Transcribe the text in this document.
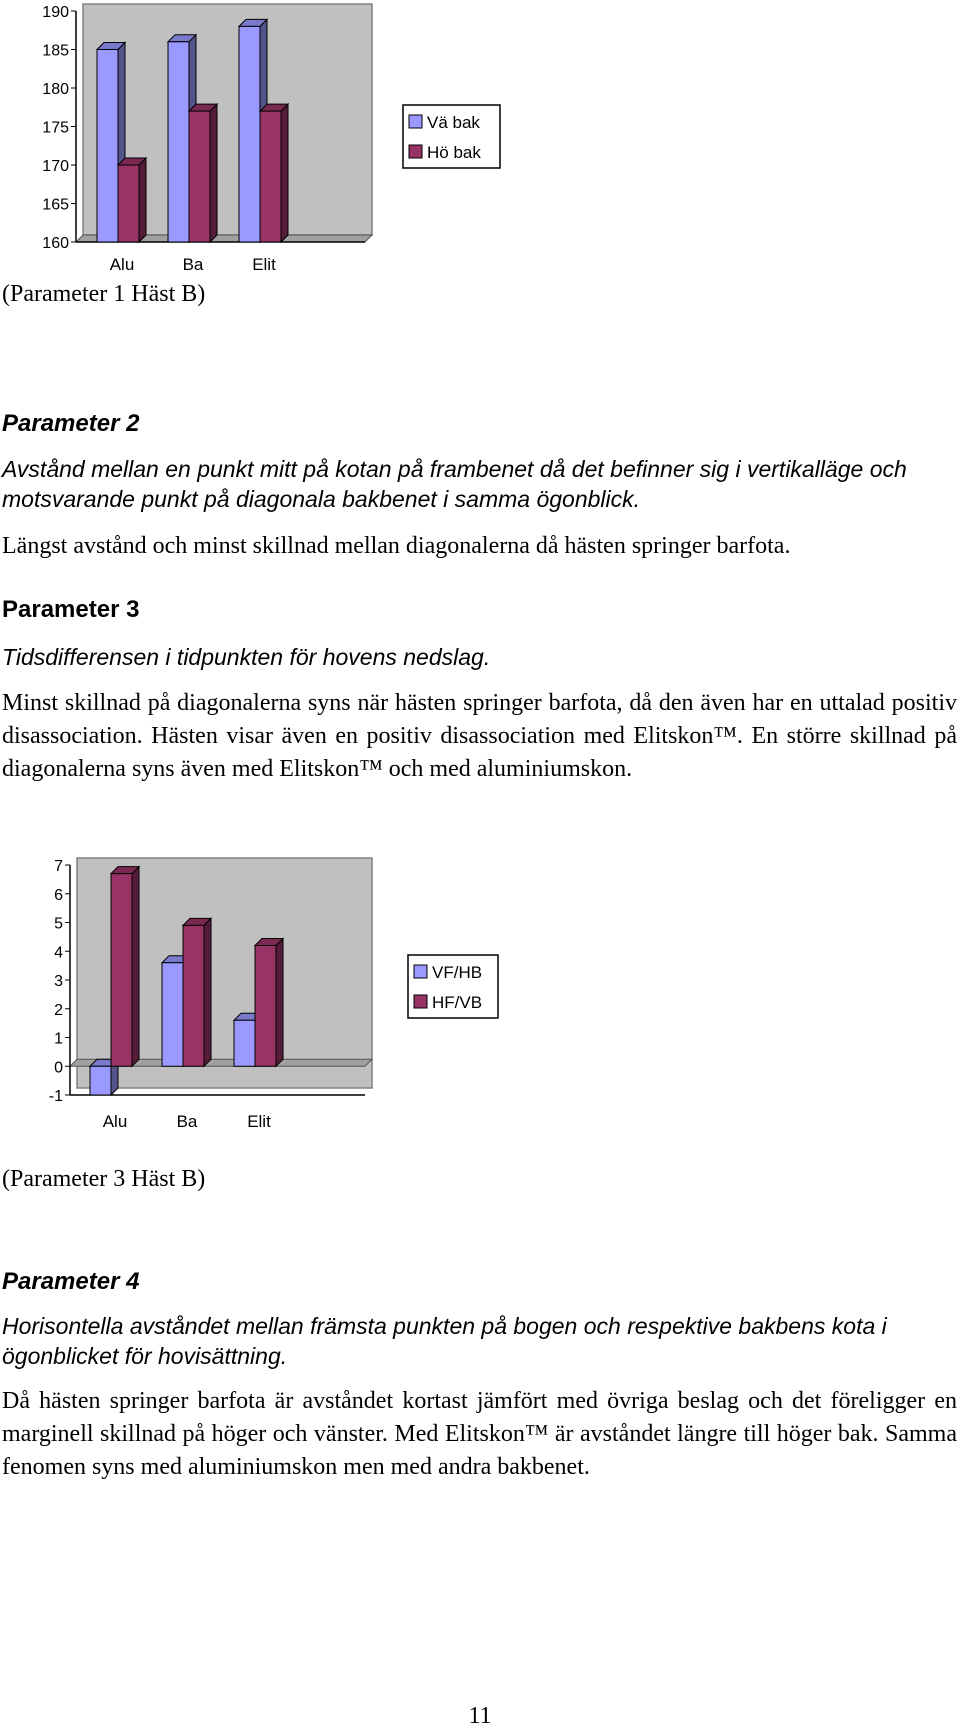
190
185
180
175
170
165
160
Alu	Ba	Elit
Vä bak
Hö bak
(Parameter 1 Häst B)
Parameter 2

Avstånd mellan en punkt mitt på kotan på frambenet då det befinner sig i vertikalläge och motsvarande punkt på diagonala bakbenet i samma ögonblick.

Längst avstånd och minst skillnad mellan diagonalerna då hästen springer barfota.

Parameter 3

Tidsdifferensen i tidpunkten för hovens nedslag.

Minst skillnad på diagonalerna syns när hästen springer barfota, då den även har en uttalad positiv disassociation. Hästen visar även en positiv disassociation med Elitskon™. En större skillnad på diagonalerna syns även med Elitskon™ och med aluminiumskon.

7
6
5
4
3
2
1
0
-1
Alu	Ba	Elit
VF/HB
HF/VB
(Parameter 3 Häst B)
Parameter 4

Horisontella avståndet mellan främsta punkten på bogen och respektive bakbens kota i ögonblicket för hovisättning.

Då hästen springer barfota är avståndet kortast jämfört med övriga beslag och det föreligger en marginell skillnad på höger och vänster. Med Elitskon™ är avståndet längre till höger bak. Samma fenomen syns med aluminiumskon men med andra bakbenet.

11
